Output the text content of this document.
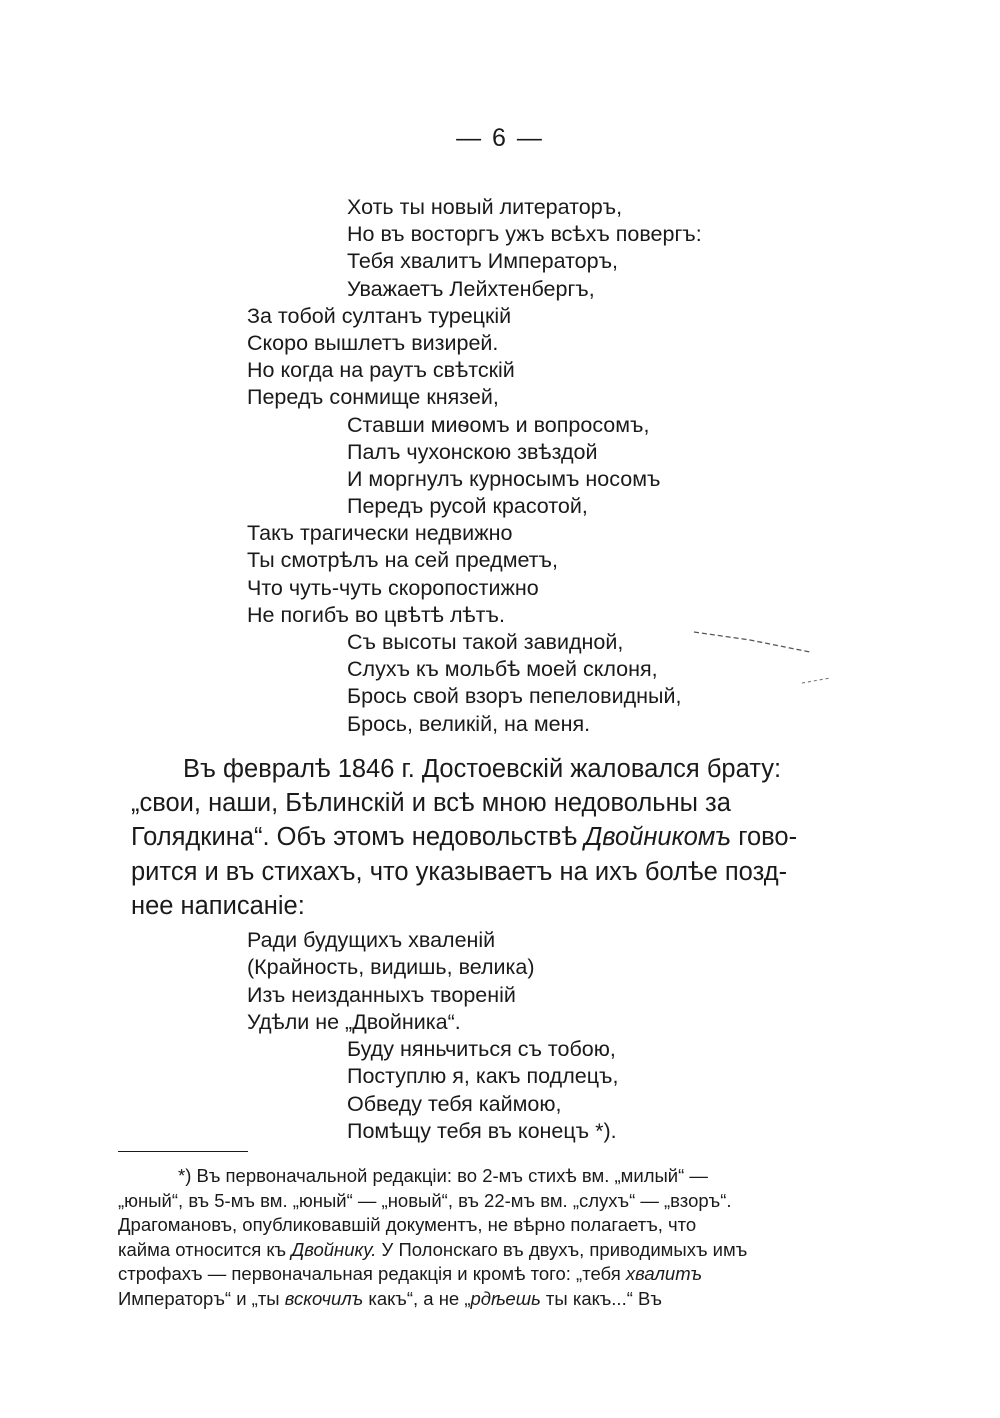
— 6 —
Хоть ты новый литераторъ,
Но въ восторгъ ужъ всѣхъ повергъ:
Тебя хвалитъ Императоръ,
Уважаетъ Лейхтенбергъ,
За тобой султанъ турецкій
Скоро вышлетъ визирей.
Но когда на раутъ свѣтскій
Передъ сонмище князей,
Ставши миѳомъ и вопросомъ,
Палъ чухонскою звѣздой
И моргнулъ курносымъ носомъ
Передъ русой красотой,
Такъ трагически недвижно
Ты смотрѣлъ на сей предметъ,
Что чуть-чуть скоропостижно
Не погибъ во цвѣтѣ лѣтъ.
Съ высоты такой завидной,
Слухъ къ мольбѣ моей склоня,
Брось свой взоръ пепеловидный,
Брось, великій, на меня.

Въ февралѣ 1846 г. Достоевскій жаловался брату:

„свои, наши, Бѣлинскій и всѣ мною недовольны за

Голядкина“. Объ этомъ недовольствѣ Двойникомъ гово-

рится и въ стихахъ, что указываетъ на ихъ болѣе позд-

нее написаніе:

Ради будущихъ хваленій
(Крайность, видишь, велика)
Изъ неизданныхъ твореній
Удѣли не „Двойника“.
Буду няньчиться съ тобою,
Поступлю я, какъ подлецъ,
Обведу тебя каймою,
Помѣщу тебя въ конецъ *).

*) Въ первоначальной редакціи: во 2-мъ стихѣ вм. „милый“ —

„юный“, въ 5-мъ вм. „юный“ — „новый“, въ 22-мъ вм. „слухъ“ — „взоръ“.

Драгомановъ, опубликовавшій документъ, не вѣрно полагаетъ, что

кайма относится къ Двойнику. У Полонскаго въ двухъ, приводимыхъ имъ

строфахъ — первоначальная редакція и кромѣ того: „тебя хвалитъ

Императоръ“ и „ты вскочилъ какъ“, а не „рдѣешь ты какъ...“ Въ
